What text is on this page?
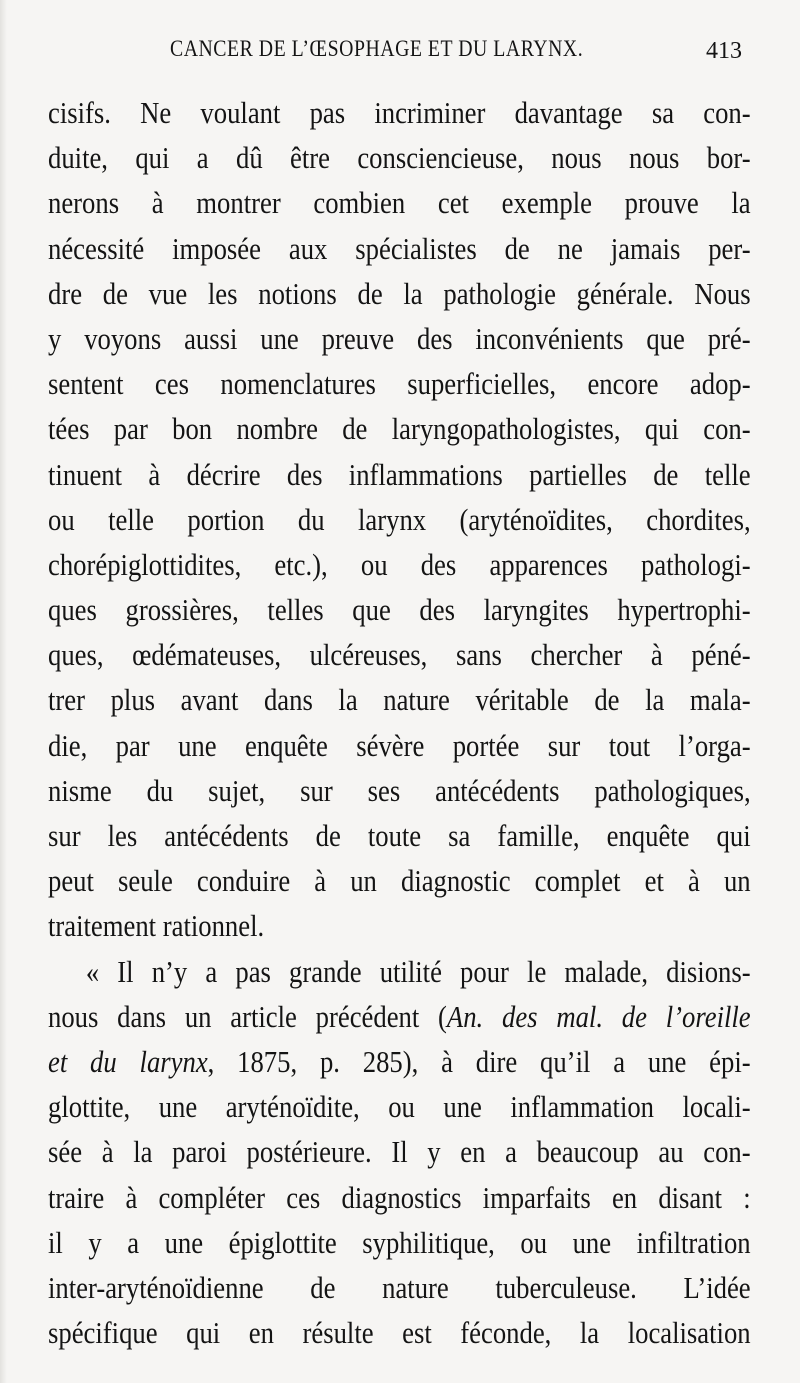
CANCER DE L’ŒSOPHAGE ET DU LARYNX.	413
cisifs. Ne voulant pas incriminer davantage sa con-
duite, qui a dû être consciencieuse, nous nous bor-
nerons à montrer combien cet exemple prouve la
nécessité imposée aux spécialistes de ne jamais per-
dre de vue les notions de la pathologie générale. Nous
y voyons aussi une preuve des inconvénients que pré-
sentent ces nomenclatures superficielles, encore adop-
tées par bon nombre de laryngopathologistes, qui con-
tinuent à décrire des inflammations partielles de telle
ou telle portion du larynx (aryténoïdites, chordites,
chorépiglottidites, etc.), ou des apparences pathologi-
ques grossières, telles que des laryngites hypertrophi-
ques, œdémateuses, ulcéreuses, sans chercher à péné-
trer plus avant dans la nature véritable de la mala-
die, par une enquête sévère portée sur tout l’orga-
nisme du sujet, sur ses antécédents pathologiques,
sur les antécédents de toute sa famille, enquête qui
peut seule conduire à un diagnostic complet et à un
traitement rationnel.
« Il n’y a pas grande utilité pour le malade, disions-
nous dans un article précédent (An. des mal. de l’oreille
et du larynx, 1875, p. 285), à dire qu’il a une épi-
glottite, une aryténoïdite, ou une inflammation locali-
sée à la paroi postérieure. Il y en a beaucoup au con-
traire à compléter ces diagnostics imparfaits en disant :
il y a une épiglottite syphilitique, ou une infiltration
inter-aryténoïdienne de nature tuberculeuse. L’idée
spécifique qui en résulte est féconde, la localisation
